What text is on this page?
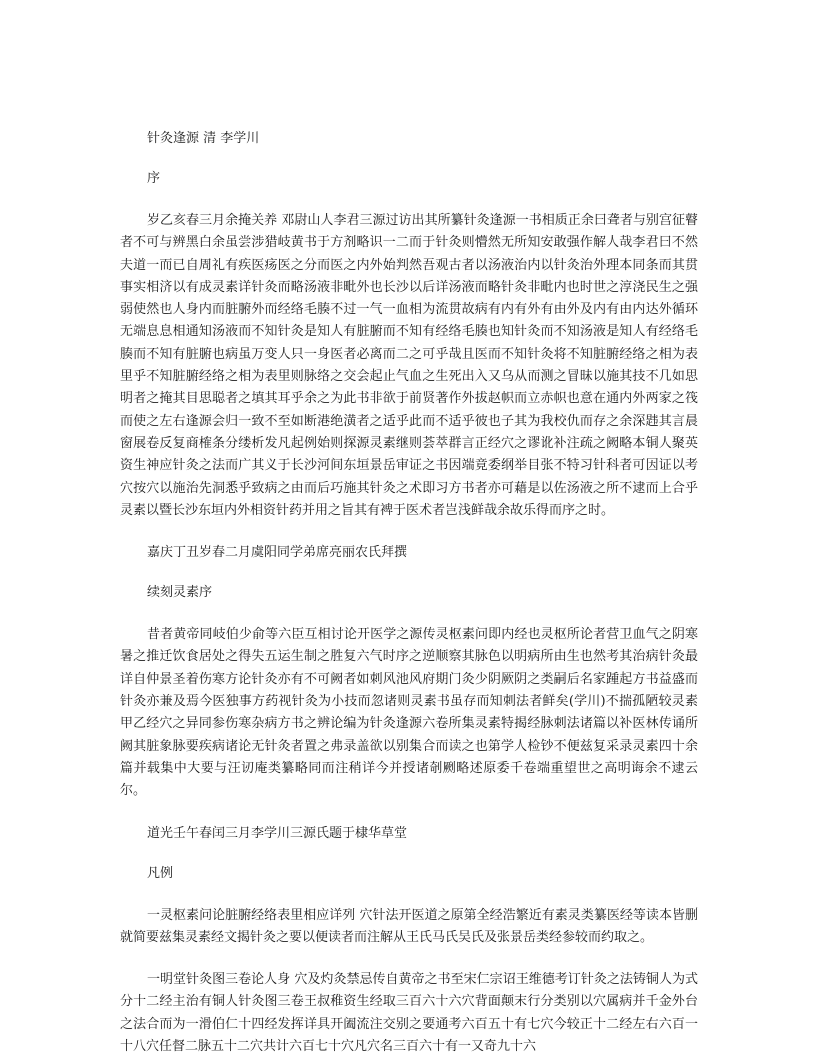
针灸逢源 清 李学川

序

岁乙亥春三月余掩关养 邓尉山人李君三源过访出其所纂针灸逢源一书相质正余曰聋者与别宫征瞽者不可与辨黑白余虽尝涉猎岐黄书于方剂略识一二而于针灸则懵然无所知安敢强作解人哉李君曰不然夫道一而已自周礼有疾医疡医之分而医之内外始判然吾观古者以汤液治内以针灸治外理本同条而其贯事实相济以有成灵素详针灸而略汤液非毗外也长沙以后详汤液而略针灸非毗内也时世之淳浇民生之强弱使然也人身内而脏腑外而经络毛腠不过一气一血相为流贯故病有内有外有由外及内有由内达外循环无端息息相通知汤液而不知针灸是知人有脏腑而不知有经络毛腠也知针灸而不知汤液是知人有经络毛腠而不知有脏腑也病虽万变人只一身医者必离而二之可乎哉且医而不知针灸将不知脏腑经络之相为表里乎不知脏腑经络之相为表里则脉络之交会起止气血之生死出入又乌从而测之冒昧以施其技不几如思明者之掩其目思聪者之填其耳乎余之为此书非欲于前贤著作外拔赵帜而立赤帜也意在通内外两家之筏而使之左右逢源会归一致不至如断港绝潢者之适乎此而不适乎彼也子其为我校仇而存之余深韪其言晨窗展卷反复商榷条分缕析发凡起例始则探源灵素继则荟萃群言正经穴之谬讹补注疏之阙略本铜人聚英资生神应针灸之法而广其义于长沙河间东垣景岳审证之书因端竟委纲举目张不特习针科者可因证以考穴按穴以施治先洞悉乎致病之由而后巧施其针灸之术即习方书者亦可藉是以佐汤液之所不逮而上合乎灵素以暨长沙东垣内外相资针药并用之旨其有裨于医术者岂浅鲜哉余故乐得而序之时。

嘉庆丁丑岁春二月虞阳同学弟席亮丽农氏拜撰

续刻灵素序

昔者黄帝同岐伯少俞等六臣互相讨论开医学之源传灵枢素问即内经也灵枢所论者营卫血气之阴寒暑之推迁饮食居处之得失五运生制之胜复六气时序之逆顺察其脉色以明病所由生也然考其治病针灸最详自仲景圣着伤寒方论针灸亦有不可阙者如刺风池风府期门灸少阴厥阴之类嗣后名家踵起方书益盛而针灸亦兼及焉今医独事方药视针灸为小技而忽诸则灵素书虽存而知刺法者鲜矣(学川)不揣孤陋较灵素甲乙经穴之异同参伤寒杂病方书之辨论编为针灸逢源六卷所集灵素特揭经脉刺法诸篇以补医林传诵所阙其脏象脉要疾病诸论无针灸者置之弗录盖欲以别集合而读之也第学人检钞不便兹复采录灵素四十余篇并载集中大要与汪讱庵类纂略同而注稍详今并授诸剞劂略述原委千卷端重望世之高明诲余不逮云尔。

道光壬午春闰三月李学川三源氏题于棣华草堂

凡例

一灵枢素问论脏腑经络表里相应详列 穴针法开医道之原第全经浩繁近有素灵类纂医经等读本皆删就简要兹集灵素经文揭针灸之要以便读者而注解从王氏马氏吴氏及张景岳类经参较而约取之。

一明堂针灸图三卷论人身 穴及灼灸禁忌传自黄帝之书至宋仁宗诏王维德考订针灸之法铸铜人为式分十二经主治有铜人针灸图三卷王叔稚资生经取三百六十六穴背面颠末行分类别以穴属病并千金外台之法合而为一滑伯仁十四经发挥详具开阖流注交别之要通考六百五十有七穴今较正十二经左右六百一十八穴任督二脉五十二穴共计六百七十穴凡穴名三百六十有一又奇九十六
